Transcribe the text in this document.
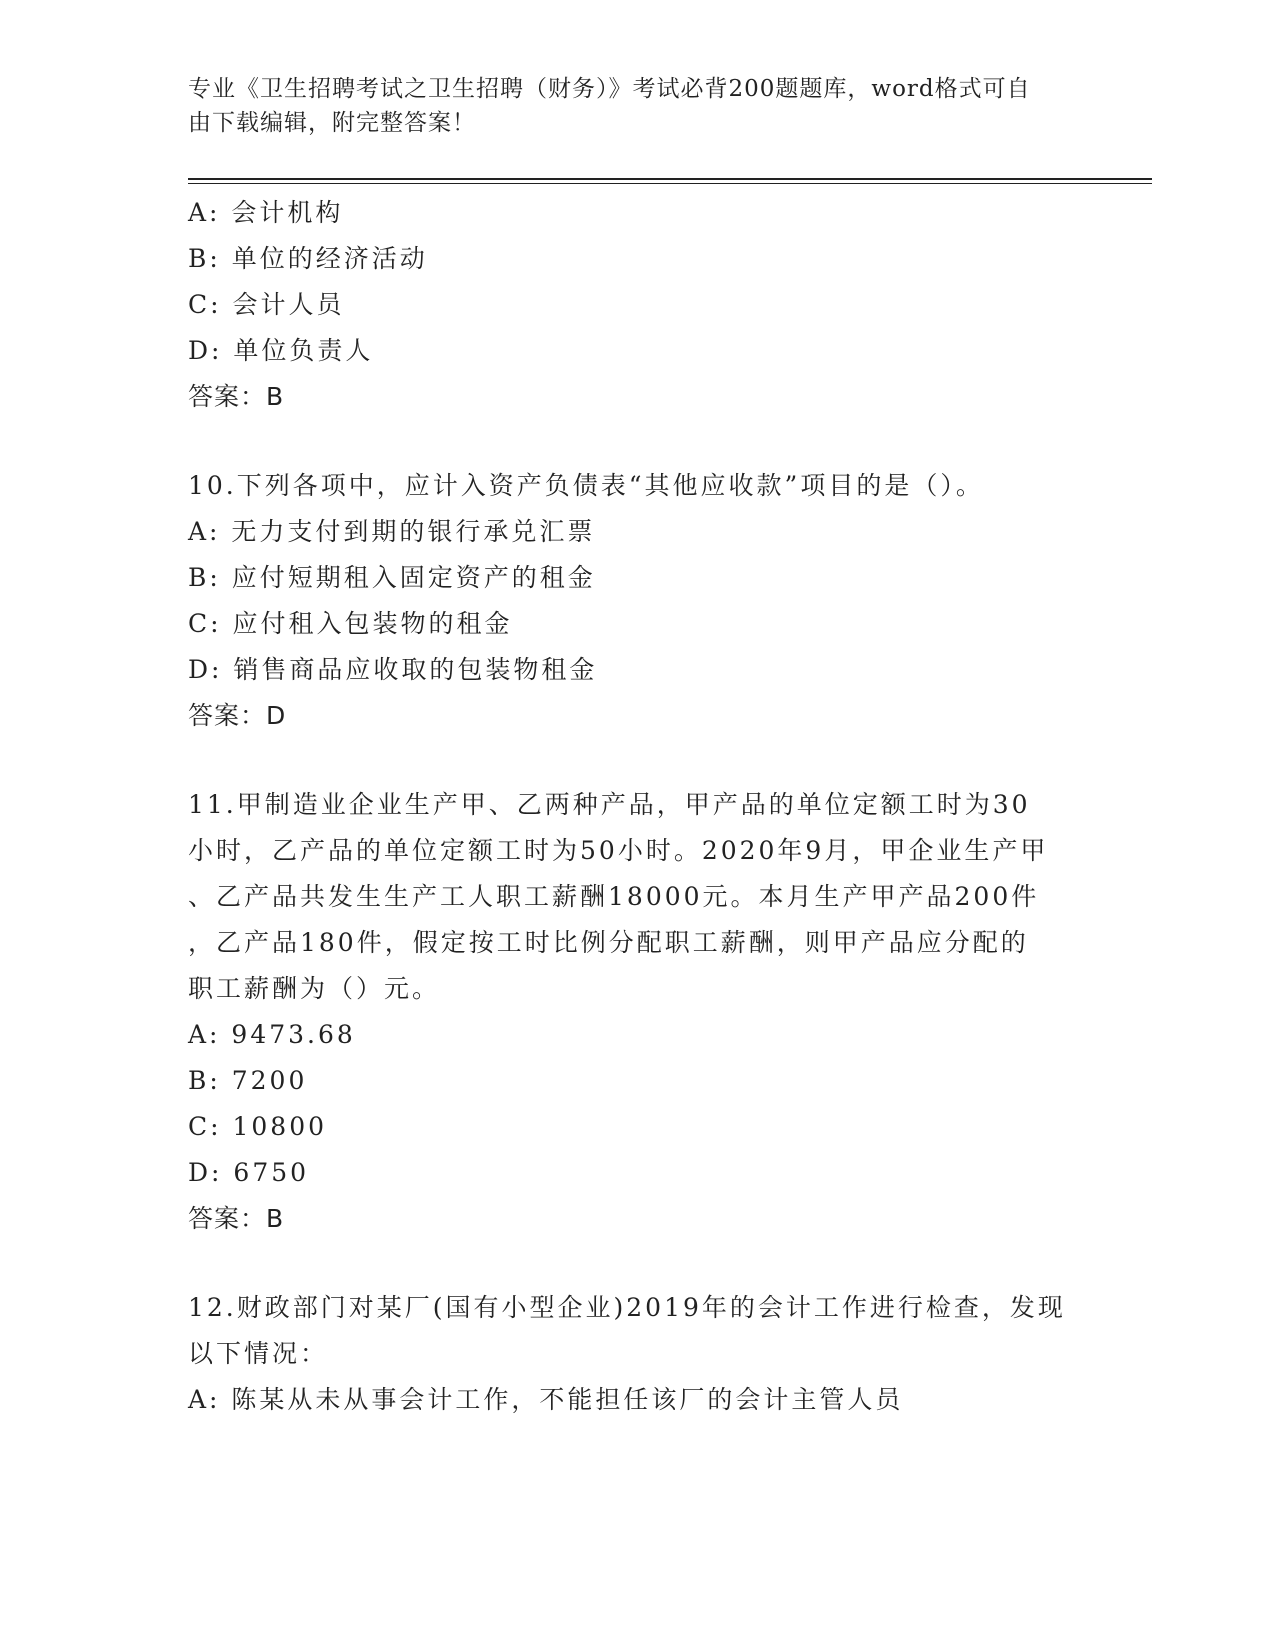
专业《卫生招聘考试之卫生招聘（财务）》考试必背200题题库，word格式可自
由下载编辑，附完整答案！
A: 会计机构
B: 单位的经济活动
C: 会计人员
D: 单位负责人
答案：B
10.下列各项中，应计入资产负债表“其他应收款”项目的是（）。
A: 无力支付到期的银行承兑汇票
B: 应付短期租入固定资产的租金
C: 应付租入包装物的租金
D: 销售商品应收取的包装物租金
答案：D
11.甲制造业企业生产甲、乙两种产品，甲产品的单位定额工时为30
小时，乙产品的单位定额工时为50小时。2020年9月，甲企业生产甲
、乙产品共发生生产工人职工薪酬18000元。本月生产甲产品200件
，乙产品180件，假定按工时比例分配职工薪酬，则甲产品应分配的
职工薪酬为（）元。
A: 9473.68
B: 7200
C: 10800
D: 6750
答案：B
12.财政部门对某厂(国有小型企业)2019年的会计工作进行检查，发现
以下情况：
A: 陈某从未从事会计工作，不能担任该厂的会计主管人员
